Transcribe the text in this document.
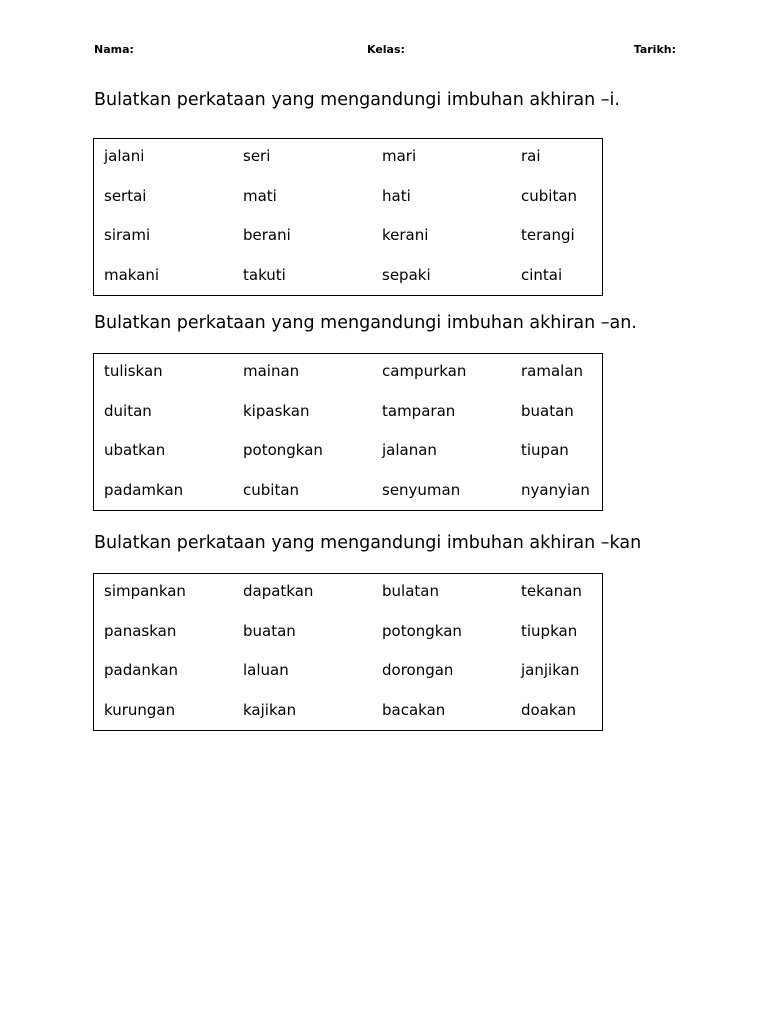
Nama:	Kelas:	Tarikh:
Bulatkan perkataan yang mengandungi imbuhan akhiran –i.
jalani	seri	mari	rai
sertai	mati	hati	cubitan
sirami	berani	kerani	terangi
makani	takuti	sepaki	cintai
Bulatkan perkataan yang mengandungi imbuhan akhiran –an.
tuliskan	mainan	campurkan	ramalan
duitan	kipaskan	tamparan	buatan
ubatkan	potongkan	jalanan	tiupan
padamkan	cubitan	senyuman	nyanyian
Bulatkan perkataan yang mengandungi imbuhan akhiran –kan
simpankan	dapatkan	bulatan	tekanan
panaskan	buatan	potongkan	tiupkan
padankan	laluan	dorongan	janjikan
kurungan	kajikan	bacakan	doakan
